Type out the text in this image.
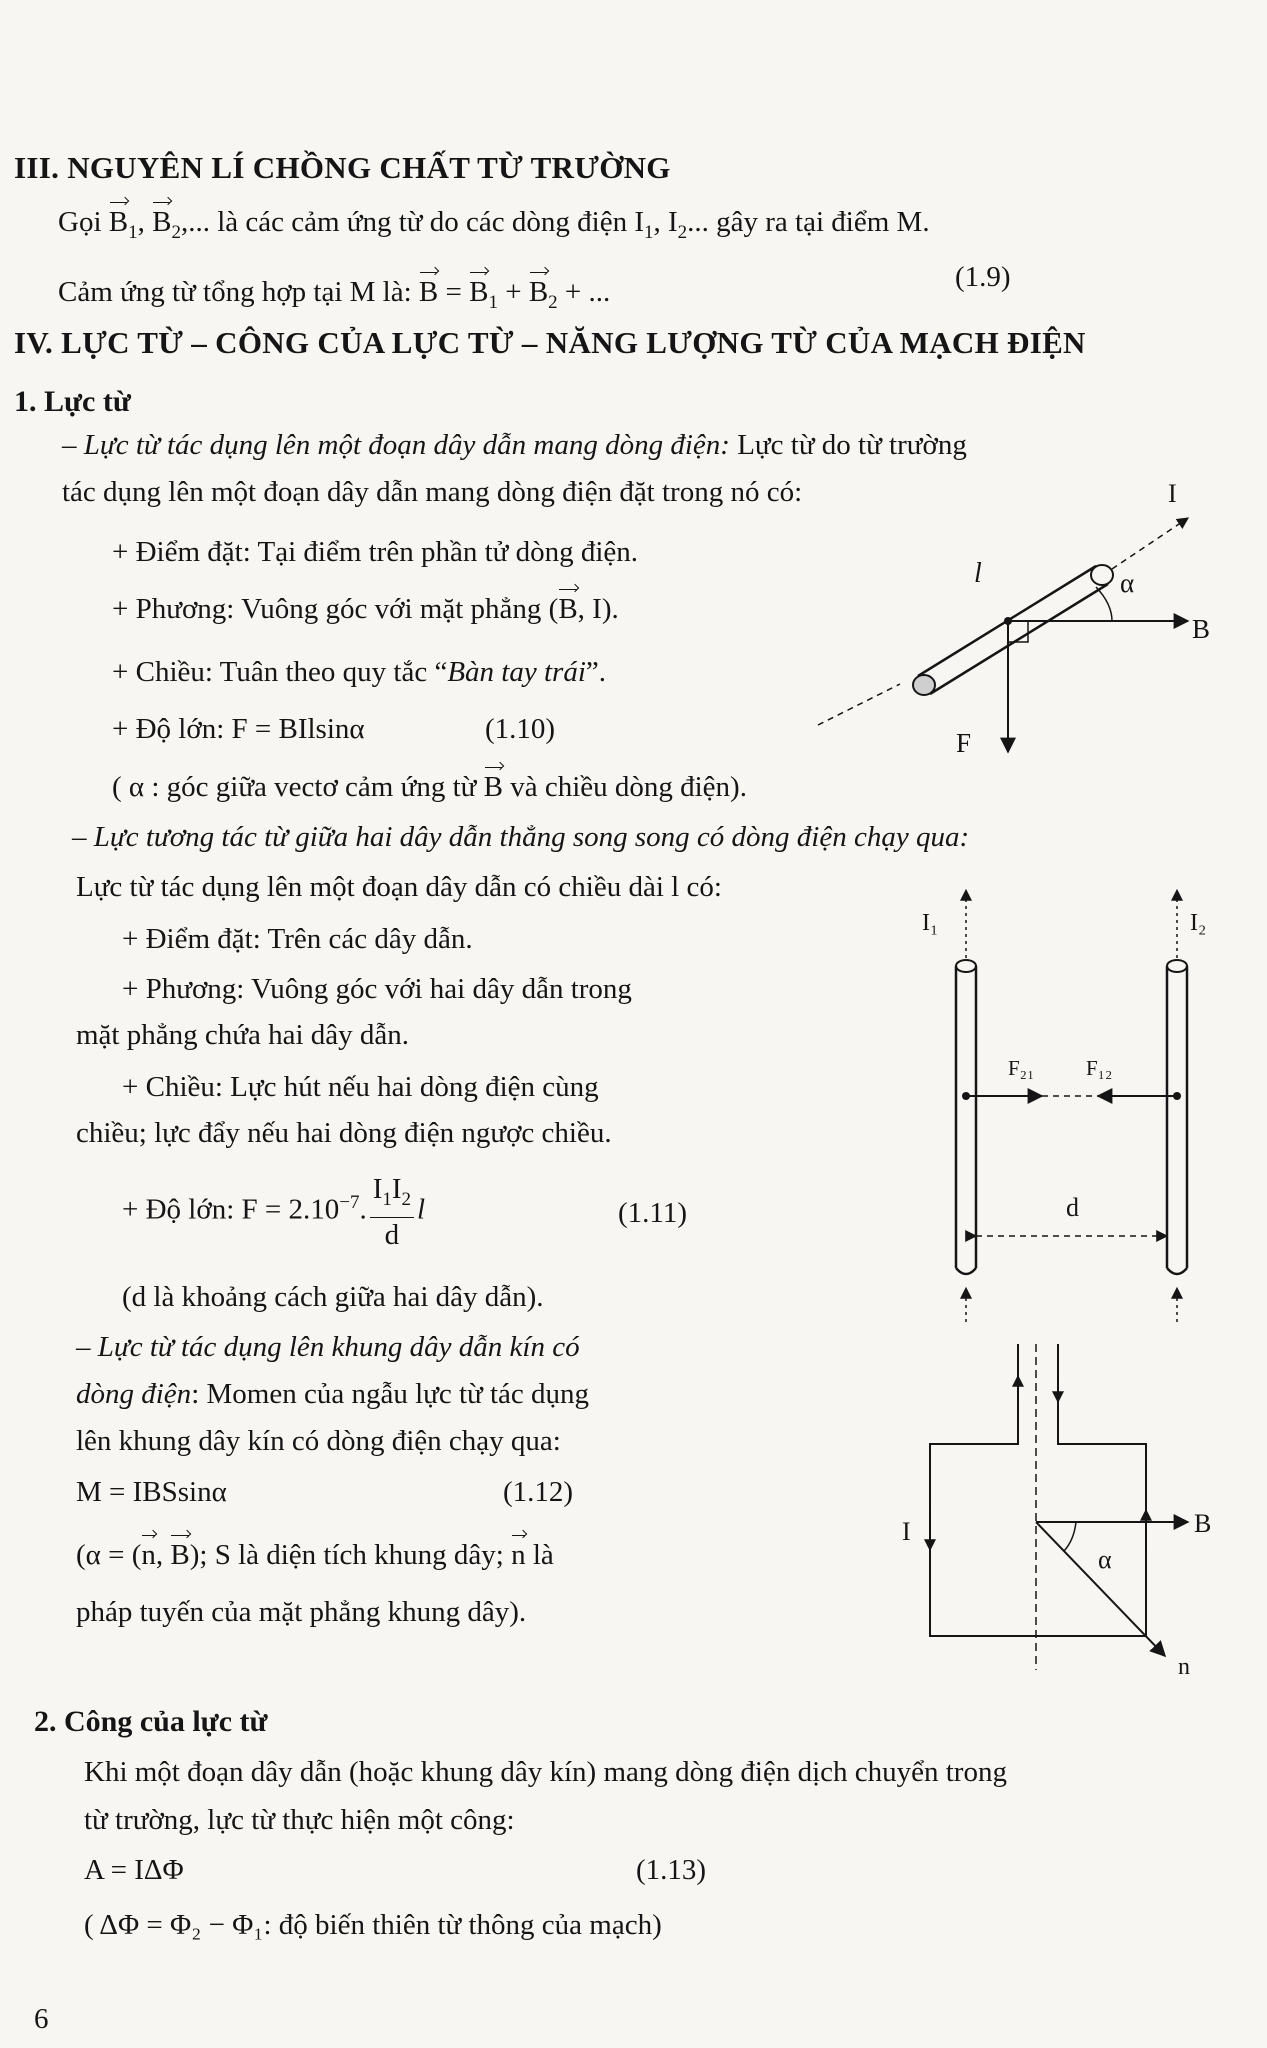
III. NGUYÊN LÍ CHỒNG CHẤT TỪ TRƯỜNG
Gọi $B_1$, $B_2$,... là các cảm ứng từ do các dòng điện $I_1$, $I_2$... gây ra tại điểm M.
Cảm ứng từ tổng hợp tại M là: $B = B_1 + B_2$ + ...	(1.9)
IV. LỰC TỪ – CÔNG CỦA LỰC TỪ – NĂNG LƯỢNG TỪ CỦA MẠCH ĐIỆN
1. Lực từ
– Lực từ tác dụng lên một đoạn dây dẫn mang dòng điện: Lực từ do từ trường
tác dụng lên một đoạn dây dẫn mang dòng điện đặt trong nó có:
+ Điểm đặt: Tại điểm trên phần tử dòng điện.
+ Phương: Vuông góc với mặt phẳng (B, I).
+ Chiều: Tuân theo quy tắc “Bàn tay trái”.
+ Độ lớn: F = BIlsinα	(1.10)
( α : góc giữa vectơ cảm ứng từ B và chiều dòng điện).
– Lực tương tác từ giữa hai dây dẫn thẳng song song có dòng điện chạy qua:
Lực từ tác dụng lên một đoạn dây dẫn có chiều dài l có:
+ Điểm đặt: Trên các dây dẫn.
+ Phương: Vuông góc với hai dây dẫn trong
mặt phẳng chứa hai dây dẫn.
+ Chiều: Lực hút nếu hai dòng điện cùng
chiều; lực đẩy nếu hai dòng điện ngược chiều.
+ Độ lớn: $F = 2.10^{-7}$. $\frac{I_1I_2}{d}$ l	(1.11)
(d là khoảng cách giữa hai dây dẫn).
– Lực từ tác dụng lên khung dây dẫn kín có
dòng điện: Momen của ngẫu lực từ tác dụng
lên khung dây kín có dòng điện chạy qua:
M = IBSsinα	(1.12)
(α = (n, B); S là diện tích khung dây; n là
pháp tuyến của mặt phẳng khung dây).
2. Công của lực từ
Khi một đoạn dây dẫn (hoặc khung dây kín) mang dòng điện dịch chuyển trong
từ trường, lực từ thực hiện một công:
A = IΔΦ	(1.13)
( ΔΦ = Φ₂ − Φ₁: độ biến thiên từ thông của mạch)
6
I
l	α
B
F
I₁	I₂
F₂₁ F₁₂
d
I	B
α
n
